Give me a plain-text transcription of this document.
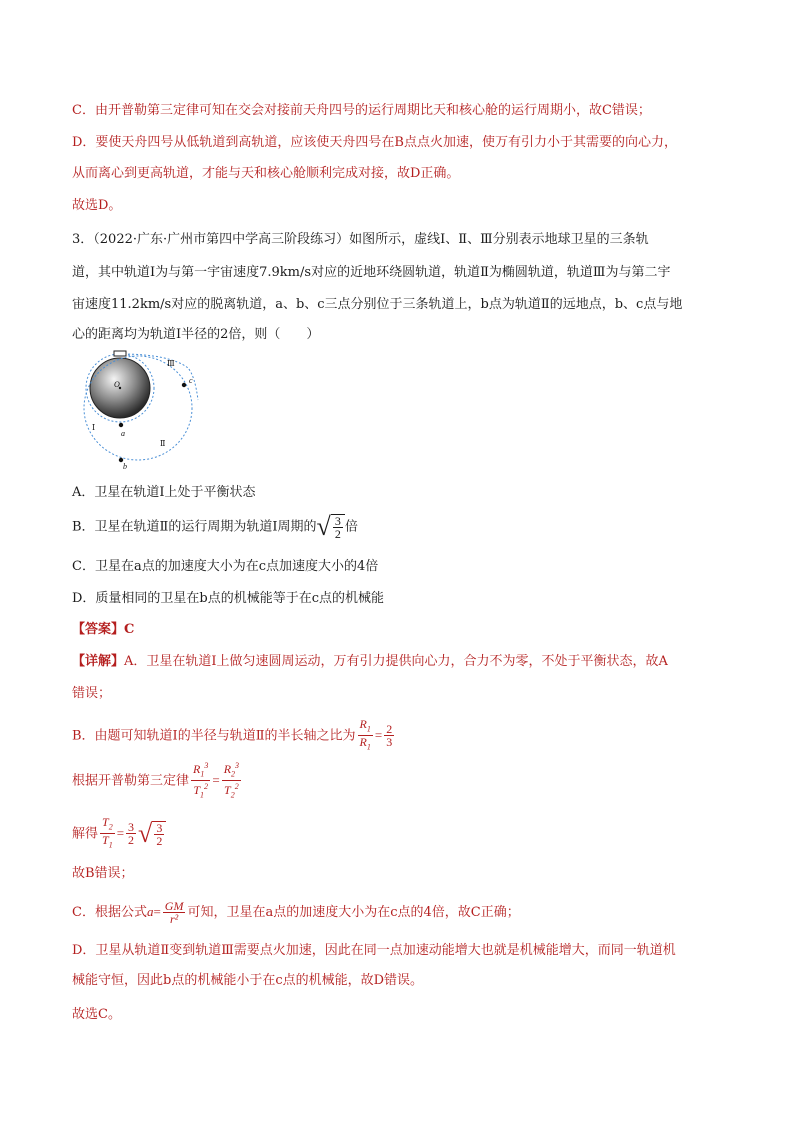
C．由开普勒第三定律可知在交会对接前天舟四号的运行周期比天和核心舱的运行周期小，故C错误；
D．要使天舟四号从低轨道到高轨道，应该使天舟四号在B点点火加速，使万有引力小于其需要的向心力，
从而离心到更高轨道，才能与天和核心舱顺利完成对接，故D正确。
故选D。
3．（2022·广东·广州市第四中学高三阶段练习）如图所示，虚线Ⅰ、Ⅱ、Ⅲ分别表示地球卫星的三条轨
道，其中轨道Ⅰ为与第一宇宙速度7.9km/s对应的近地环绕圆轨道，轨道Ⅱ为椭圆轨道，轨道Ⅲ为与第二宇
宙速度11.2km/s对应的脱离轨道，a、b、c三点分别位于三条轨道上，b点为轨道Ⅱ的远地点，b、c点与地
心的距离均为轨道Ⅰ半径的2倍，则（　　）
O
Ⅰ
Ⅱ
Ⅲ
a
b
c
A．卫星在轨道Ⅰ上处于平衡状态
B．卫星在轨道Ⅱ的运行周期为轨道Ⅰ周期的√ $\frac{3}{2}$ 倍
C．卫星在a点的加速度大小为在c点加速度大小的4倍
D．质量相同的卫星在b点的机械能等于在c点的机械能
【答案】C
【详解】A．卫星在轨道Ⅰ上做匀速圆周运动，万有引力提供向心力，合力不为零，不处于平衡状态，故A
错误；
B．由题可知轨道Ⅰ的半径与轨道Ⅱ的半长轴之比为 $\frac{R_1}{R_1} = \frac{2}{3}$
根据开普勒第三定律 $\frac{R_1^3}{T_1^2} = \frac{R_2^3}{T_2^2}$
解得 $\frac{T_2}{T_1} = \frac{3}{2}$ √ $\frac{3}{2}$
故B错误；
C．根据公式$a= \frac{GM}{\text{r²}}$ 可知，卫星在a点的加速度大小为在c点的4倍，故C正确；
D．卫星从轨道Ⅱ变到轨道Ⅲ需要点火加速，因此在同一点加速动能增大也就是机械能增大，而同一轨道机
械能守恒，因此b点的机械能小于在c点的机械能，故D错误。
故选C。
